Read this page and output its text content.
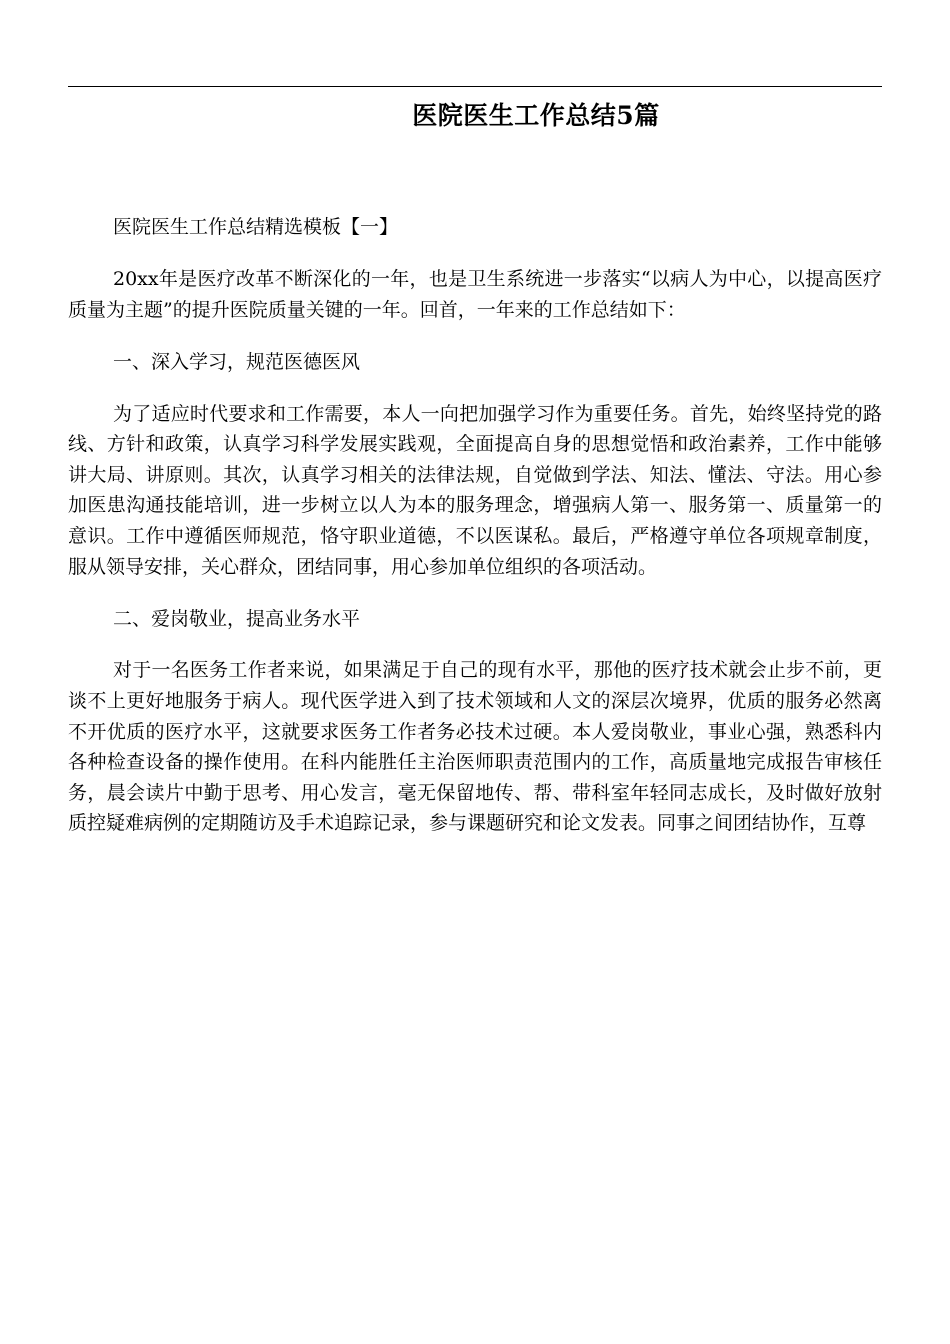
医院医生工作总结5篇

医院医生工作总结精选模板【一】

20xx年是医疗改革不断深化的一年，也是卫生系统进一步落实“以病人为中心，以提高医疗质量为主题”的提升医院质量关键的一年。回首，一年来的工作总结如下：

一、深入学习，规范医德医风

为了适应时代要求和工作需要，本人一向把加强学习作为重要任务。首先，始终坚持党的路线、方针和政策，认真学习科学发展实践观，全面提高自身的思想觉悟和政治素养，工作中能够讲大局、讲原则。其次，认真学习相关的法律法规，自觉做到学法、知法、懂法、守法。用心参加医患沟通技能培训，进一步树立以人为本的服务理念，增强病人第一、服务第一、质量第一的意识。工作中遵循医师规范，恪守职业道德，不以医谋私。最后，严格遵守单位各项规章制度，服从领导安排，关心群众，团结同事，用心参加单位组织的各项活动。

二、爱岗敬业，提高业务水平

对于一名医务工作者来说，如果满足于自己的现有水平，那他的医疗技术就会止步不前，更谈不上更好地服务于病人。现代医学进入到了技术领域和人文的深层次境界，优质的服务必然离不开优质的医疗水平，这就要求医务工作者务必技术过硬。本人爱岗敬业，事业心强，熟悉科内各种检查设备的操作使用。在科内能胜任主治医师职责范围内的工作，高质量地完成报告审核任务，晨会读片中勤于思考、用心发言，毫无保留地传、帮、带科室年轻同志成长，及时做好放射质控疑难病例的定期随访及手术追踪记录，参与课题研究和论文发表。同事之间团结协作，互尊
